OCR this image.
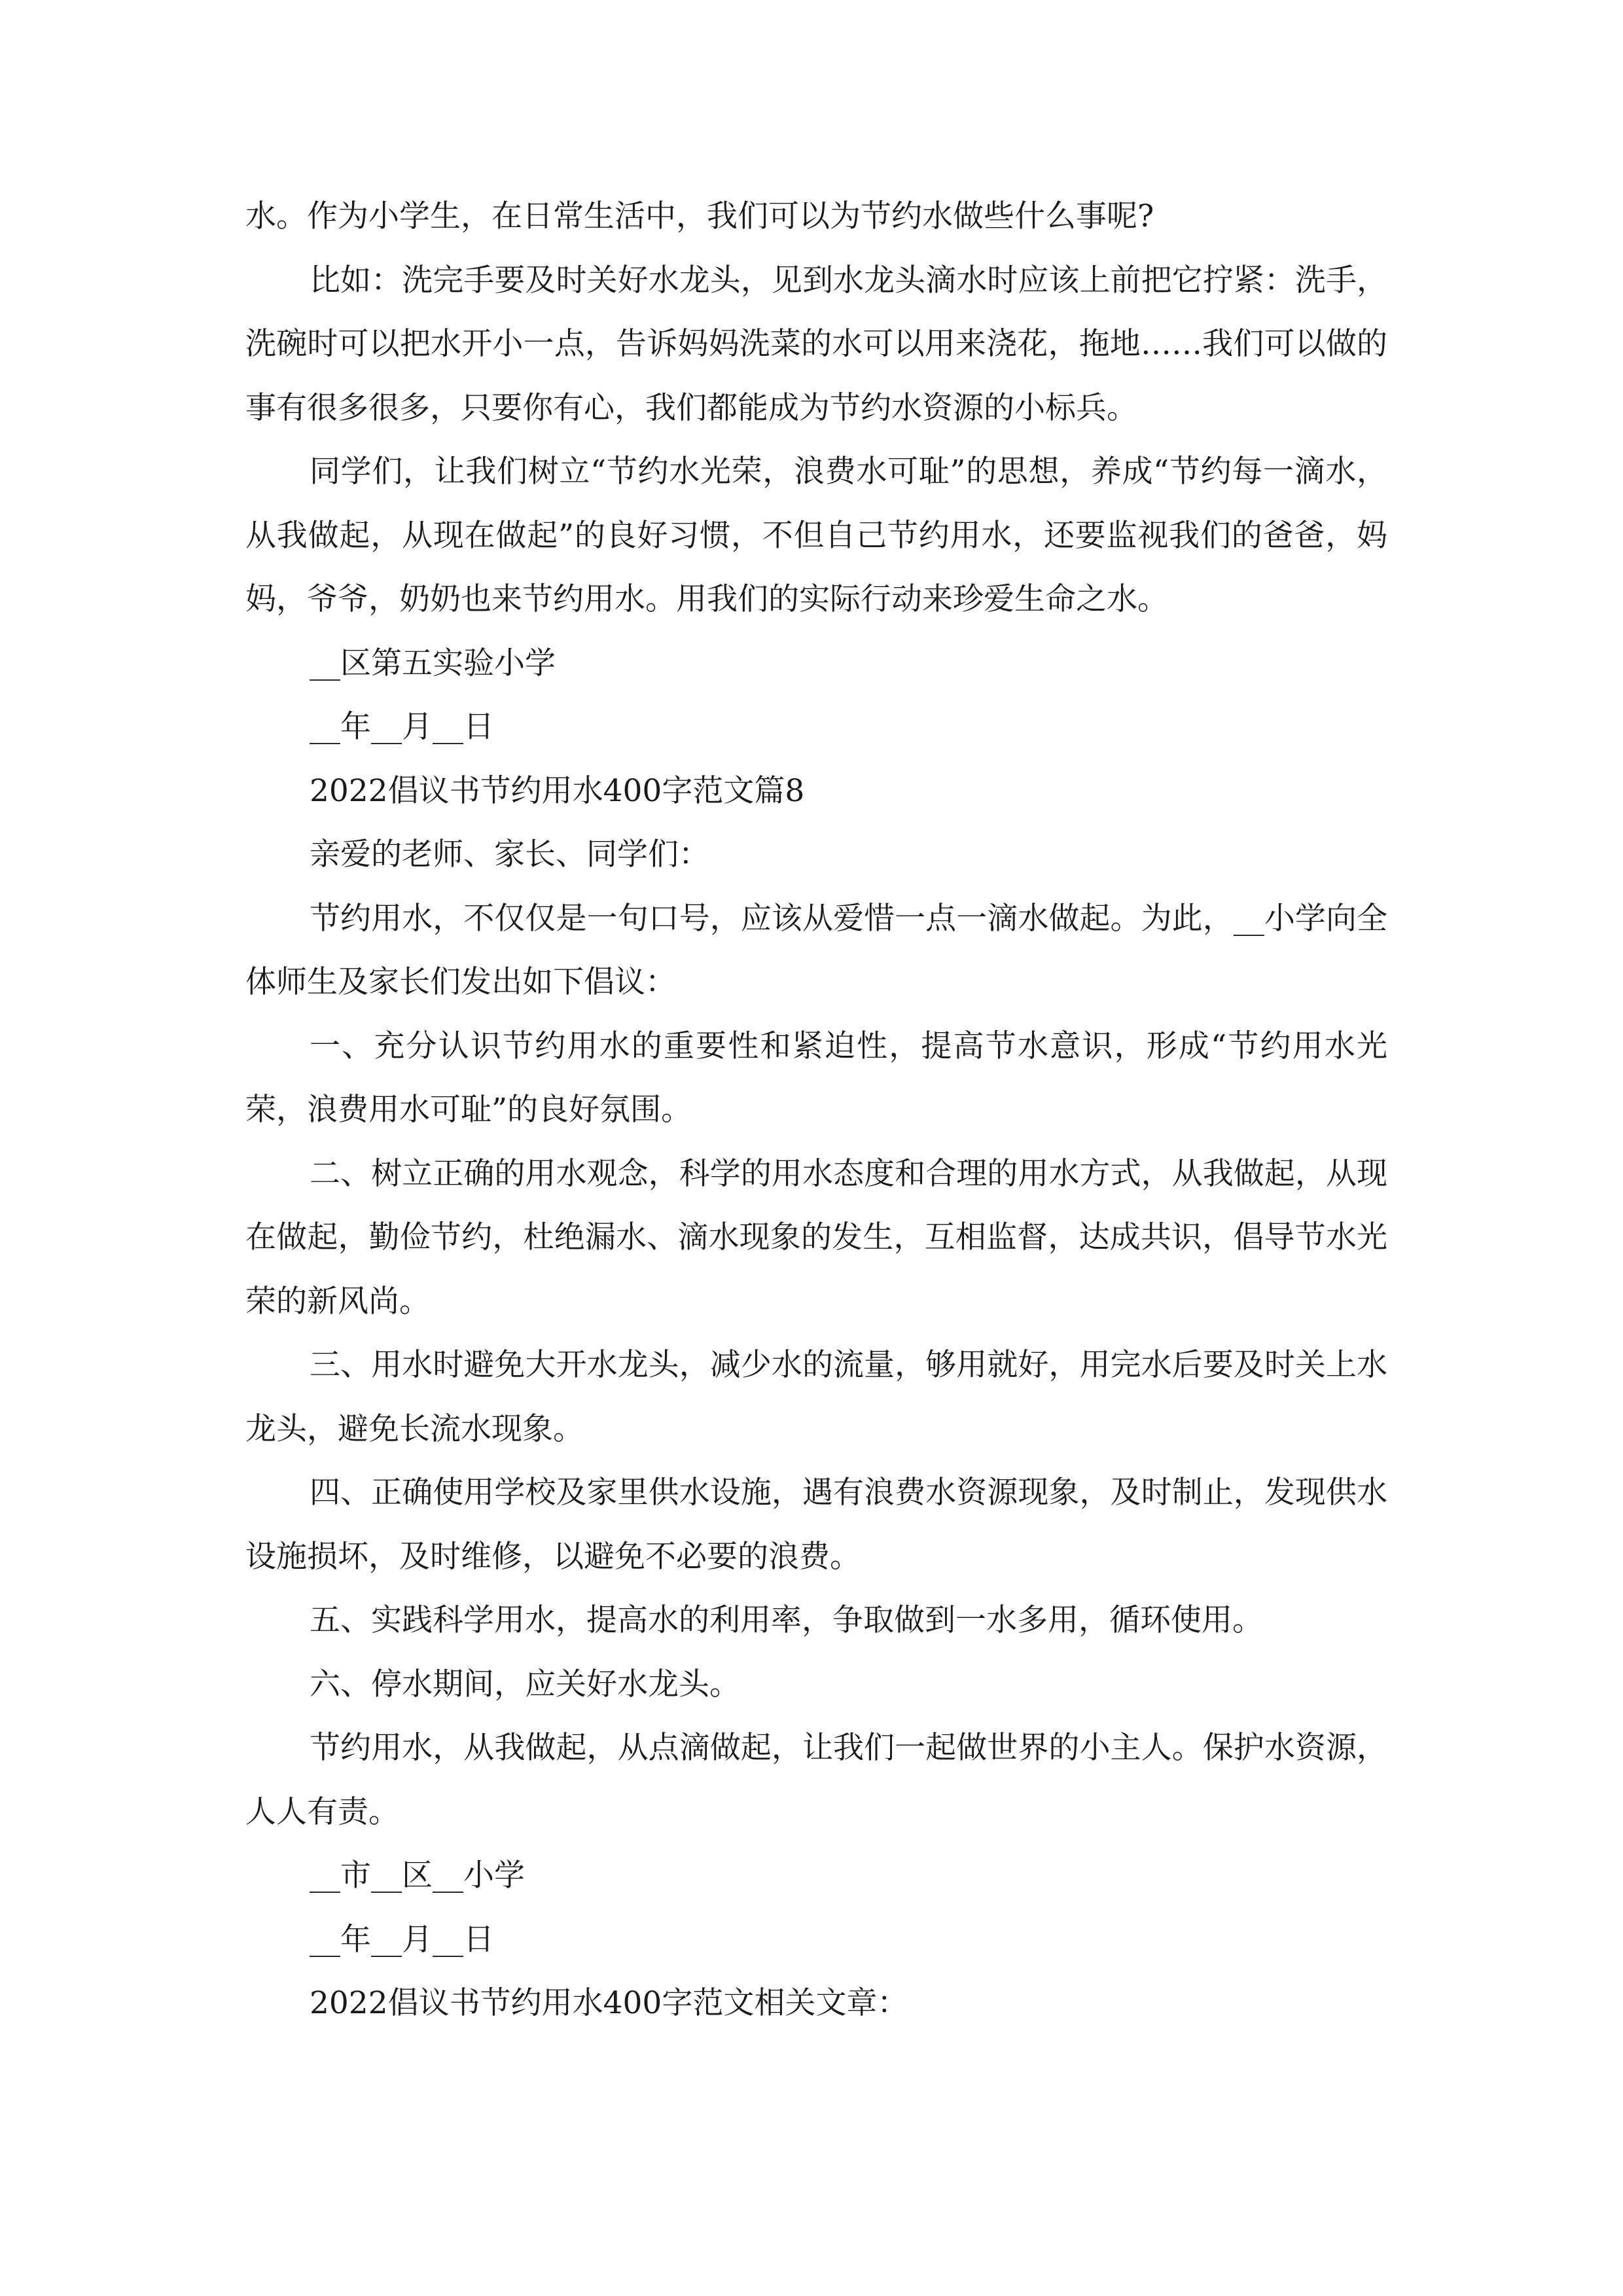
水。作为小学生，在日常生活中，我们可以为节约水做些什么事呢?

比如：洗完手要及时关好水龙头，见到水龙头滴水时应该上前把它拧紧：洗手，洗碗时可以把水开小一点，告诉妈妈洗菜的水可以用来浇花，拖地……我们可以做的事有很多很多，只要你有心，我们都能成为节约水资源的小标兵。

同学们，让我们树立“节约水光荣，浪费水可耻”的思想，养成“节约每一滴水，从我做起，从现在做起”的良好习惯，不但自己节约用水，还要监视我们的爸爸，妈妈，爷爷，奶奶也来节约用水。用我们的实际行动来珍爱生命之水。

__区第五实验小学

__年__月__日

2022倡议书节约用水400字范文篇8

亲爱的老师、家长、同学们：

节约用水，不仅仅是一句口号，应该从爱惜一点一滴水做起。为此，__小学向全体师生及家长们发出如下倡议：

一、充分认识节约用水的重要性和紧迫性，提高节水意识，形成“节约用水光荣，浪费用水可耻”的良好氛围。

二、树立正确的用水观念，科学的用水态度和合理的用水方式，从我做起，从现在做起，勤俭节约，杜绝漏水、滴水现象的发生，互相监督，达成共识，倡导节水光荣的新风尚。

三、用水时避免大开水龙头，减少水的流量，够用就好，用完水后要及时关上水龙头，避免长流水现象。

四、正确使用学校及家里供水设施，遇有浪费水资源现象，及时制止，发现供水设施损坏，及时维修，以避免不必要的浪费。

五、实践科学用水，提高水的利用率，争取做到一水多用，循环使用。

六、停水期间，应关好水龙头。

节约用水，从我做起，从点滴做起，让我们一起做世界的小主人。保护水资源，人人有责。

__市__区__小学

__年__月__日

2022倡议书节约用水400字范文相关文章：
